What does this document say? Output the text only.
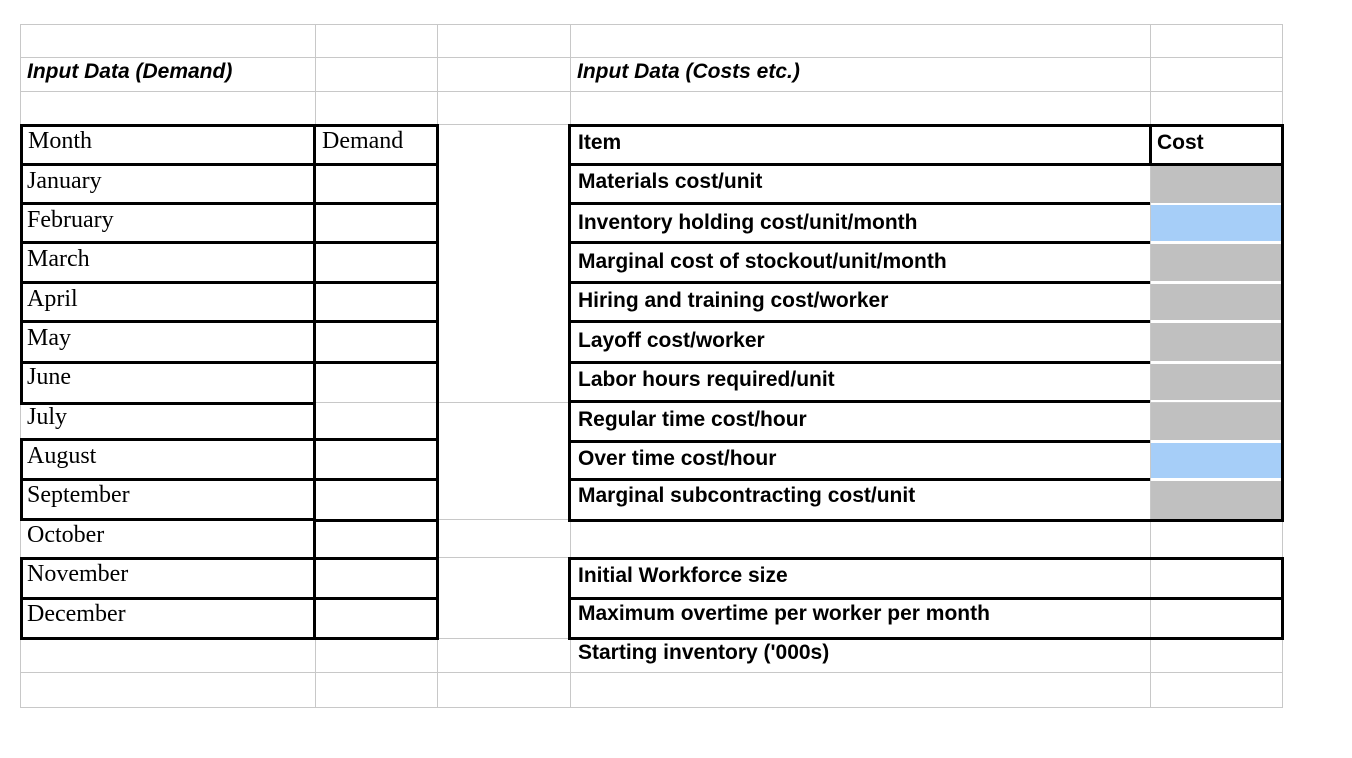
Input Data (Demand)	Input Data (Costs etc.)
Month	Demand
January
February
March
April
May
June
July
August
September
October
November
December
Item	Cost
Materials cost/unit
Inventory holding cost/unit/month
Marginal cost of stockout/unit/month
Hiring and training cost/worker
Layoff cost/worker
Labor hours required/unit
Regular time cost/hour
Over time cost/hour
Marginal subcontracting cost/unit
Initial Workforce size
Maximum overtime per worker per month
Starting inventory ('000s)
